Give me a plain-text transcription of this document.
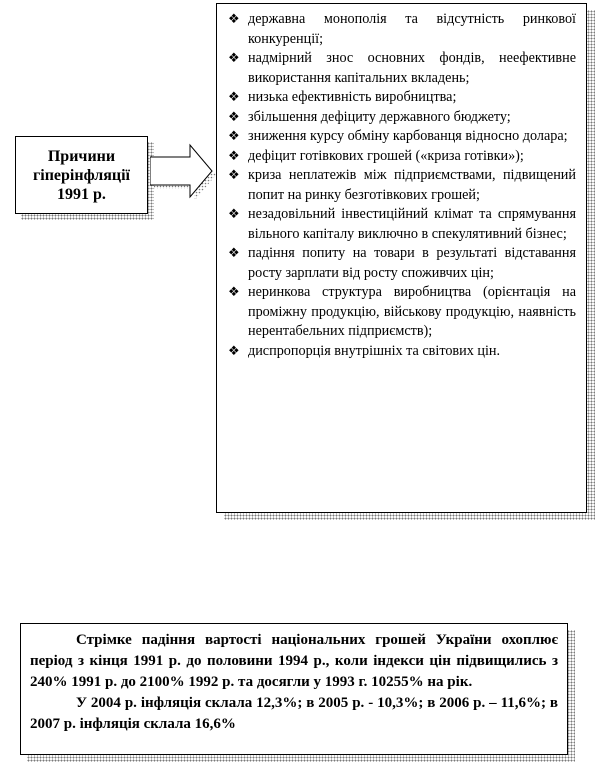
❖ державна монополія та відсутність ринкової конкуренції;
❖ надмірний знос основних фондів, неефективне використання капітальних вкладень;
❖ низька ефективність виробництва;
❖ збільшення дефіциту державного бюджету;
❖ зниження курсу обміну карбованця відносно долара;
❖ дефіцит готівкових грошей («криза готівки»);
❖ криза неплатежів між підприємствами, підвищений попит на ринку безготівкових грошей;
❖ незадовільний інвестиційний клімат та спрямування вільного капіталу виключно в спекулятивний бізнес;
❖ падіння попиту на товари в результаті відставання росту зарплати від росту споживчих цін;
❖ неринкова структура виробництва (орієнтація на проміжну продукцію, військову продукцію, наявність нерентабельних підприємств);
❖ диспропорція внутрішніх та світових цін.
Причини
гіперінфляції
1991 р.

Стрімке падіння вартості національних грошей України охоплює період з кінця 1991 р. до половини 1994 р., коли індекси цін підвищились з 240% 1991 р. до 2100% 1992 р. та досягли у 1993 г. 10255% на рік.

У 2004 р. інфляція склала 12,3%; в 2005 р. - 10,3%; в 2006 р. – 11,6%; в 2007 р. інфляція склала 16,6%
